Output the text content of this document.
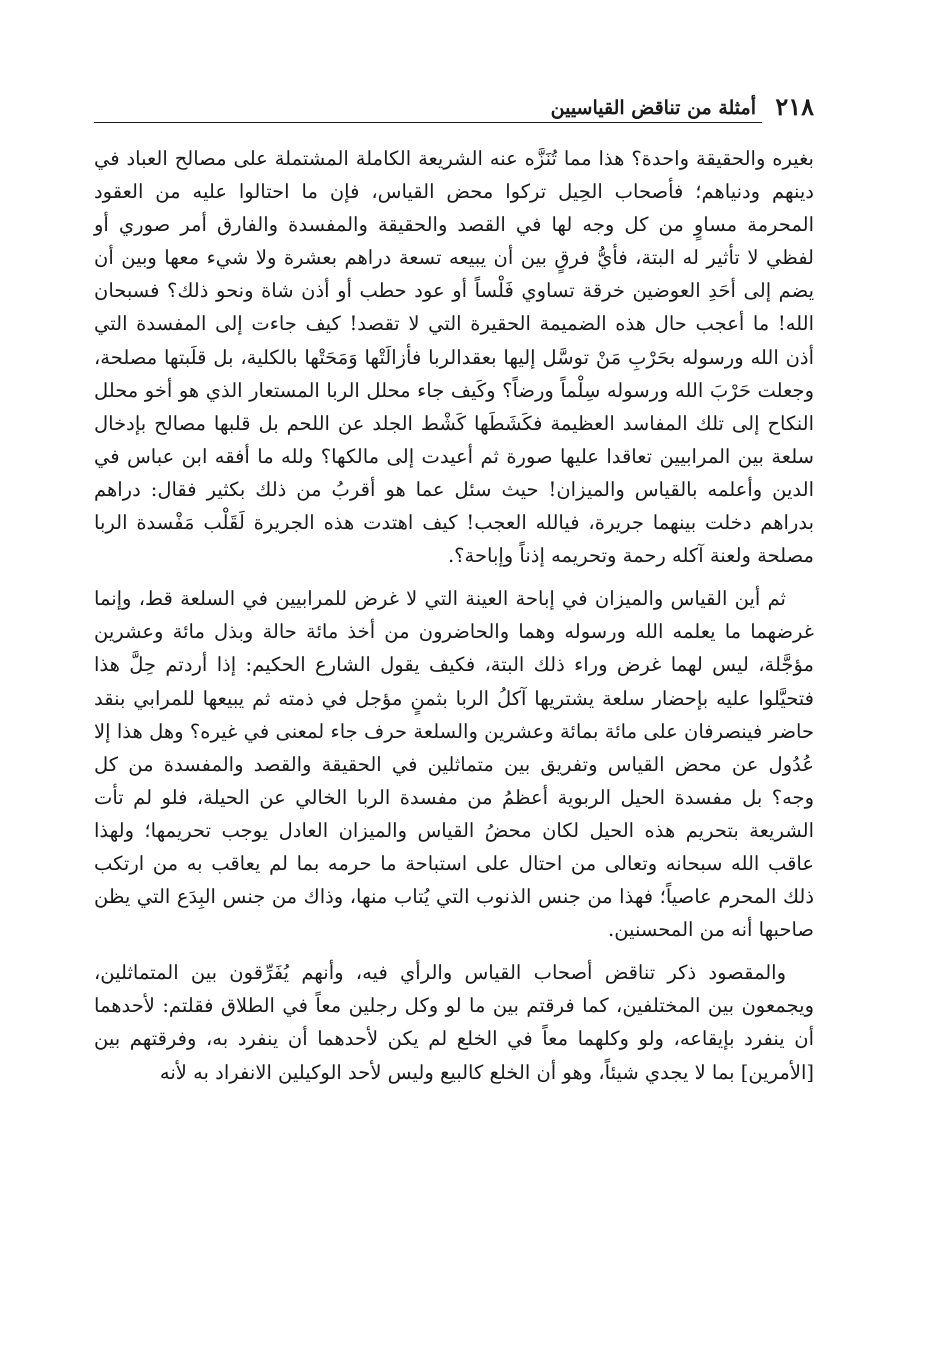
٢١٨
أمثلة من تناقض القياسيين

بغيره والحقيقة واحدة؟ هذا مما تُنَزَّه عنه الشريعة الكاملة المشتملة على مصالح العباد في دينهم ودنياهم؛ فأصحاب الحِيل تركوا محض القياس، فإن ما احتالوا عليه من العقود المحرمة مساوٍ من كل وجه لها في القصد والحقيقة والمفسدة والفارق أمر صوري أو لفظي لا تأثير له البتة، فأيُّ فرقٍ بين أن يبيعه تسعة دراهم بعشرة ولا شيء معها وبين أن يضم إلى أحَدِ العوضين خرقة تساوي فَلْساً أو عود حطب أو أذن شاة ونحو ذلك؟ فسبحان الله! ما أعجب حال هذه الضميمة الحقيرة التي لا تقصد! كيف جاءت إلى المفسدة التي أذن الله ورسوله بحَرْبِ مَنْ توسَّل إليها بعقدالربا فأزالَتْها وَمَحَتْها بالكلية، بل قلَبتها مصلحة، وجعلت حَرْبَ الله ورسوله سِلْماً ورضاً؟ وكَيف جاء محلل الربا المستعار الذي هو أخو محلل النكاح إلى تلك المفاسد العظيمة فكَشَطَها كَشْط الجلد عن اللحم بل قلبها مصالح بإدخال سلعة بين المرابيين تعاقدا عليها صورة ثم أعيدت إلى مالكها؟ ولله ما أفقه ابن عباس في الدين وأعلمه بالقياس والميزان! حيث سئل عما هو أقربُ من ذلك بكثير فقال: دراهم بدراهم دخلت بينهما جريرة، فيالله العجب! كيف اهتدت هذه الجريرة لَقَلْب مَفْسدة الربا مصلحة ولعنة آكله رحمة وتحريمه إذناً وإباحة؟.

ثم أين القياس والميزان في إباحة العينة التي لا غرض للمرابيين في السلعة قط، وإنما غرضهما ما يعلمه الله ورسوله وهما والحاضرون من أخذ مائة حالة وبذل مائة وعشرين مؤجَّلة، ليس لهما غرض وراء ذلك البتة، فكيف يقول الشارع الحكيم: إذا أردتم حِلَّ هذا فتحيَّلوا عليه بإحضار سلعة يشتريها آكلُ الربا بثمنٍ مؤجل في ذمته ثم يبيعها للمرابي بنقد حاضر فينصرفان على مائة بمائة وعشرين والسلعة حرف جاء لمعنى في غيره؟ وهل هذا إلا عُدُول عن محض القياس وتفريق بين متماثلين في الحقيقة والقصد والمفسدة من كل وجه؟ بل مفسدة الحيل الربوية أعظمُ من مفسدة الربا الخالي عن الحيلة، فلو لم تأت الشريعة بتحريم هذه الحيل لكان محضُ القياس والميزان العادل يوجب تحريمها؛ ولهذا عاقب الله سبحانه وتعالى من احتال على استباحة ما حرمه بما لم يعاقب به من ارتكب ذلك المحرم عاصياً؛ فهذا من جنس الذنوب التي يُتاب منها، وذاك من جنس البِدَع التي يظن صاحبها أنه من المحسنين.

والمقصود ذكر تناقض أصحاب القياس والرأي فيه، وأنهم يُفَرِّقون بين المتماثلين، ويجمعون بين المختلفين، كما فرقتم بين ما لو وكل رجلين معاً في الطلاق فقلتم: لأحدهما أن ينفرد بإيقاعه، ولو وكلهما معاً في الخلع لم يكن لأحدهما أن ينفرد به، وفرقتهم بين [الأمرين] بما لا يجدي شيئاً، وهو أن الخلع كالبيع وليس لأحد الوكيلين الانفراد به لأنه
